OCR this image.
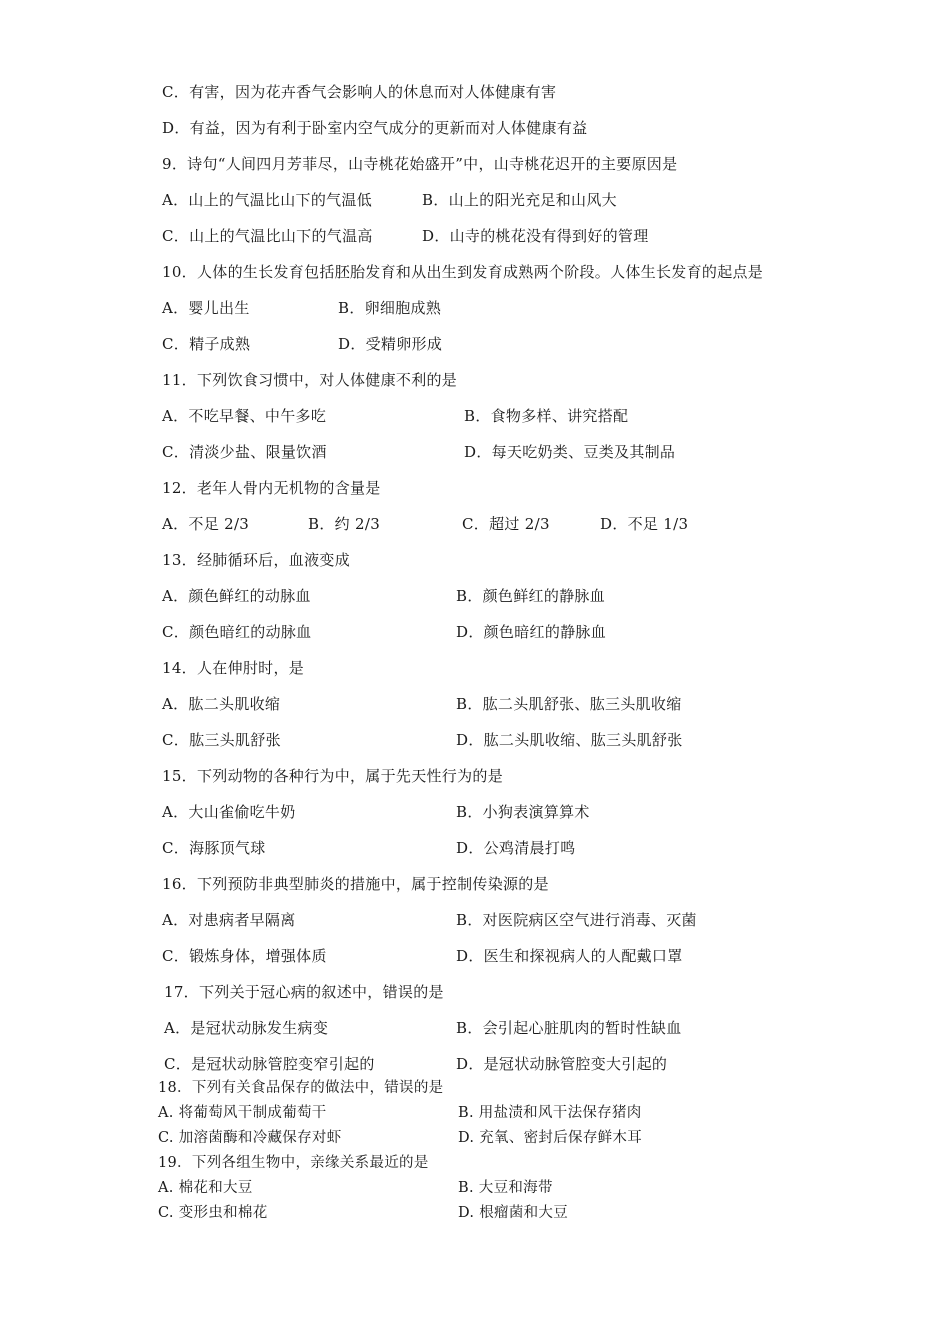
C．有害，因为花卉香气会影响人的休息而对人体健康有害
D．有益，因为有利于卧室内空气成分的更新而对人体健康有益
9．诗句“人间四月芳菲尽，山寺桃花始盛开”中，山寺桃花迟开的主要原因是
A．山上的气温比山下的气温低	B．山上的阳光充足和山风大
C．山上的气温比山下的气温高	D．山寺的桃花没有得到好的管理
10．人体的生长发育包括胚胎发育和从出生到发育成熟两个阶段。人体生长发育的起点是
A．婴儿出生	B．卵细胞成熟
C．精子成熟	D．受精卵形成
11．下列饮食习惯中，对人体健康不利的是
A．不吃早餐、中午多吃	B．食物多样、讲究搭配
C．清淡少盐、限量饮酒	D．每天吃奶类、豆类及其制品
12．老年人骨内无机物的含量是
A．不足 2/3	B．约 2/3	C．超过 2/3	D．不足 1/3
13．经肺循环后，血液变成
A．颜色鲜红的动脉血	B．颜色鲜红的静脉血
C．颜色暗红的动脉血	D．颜色暗红的静脉血
14．人在伸肘时，是
A．肱二头肌收缩	B．肱二头肌舒张、肱三头肌收缩
C．肱三头肌舒张	D．肱二头肌收缩、肱三头肌舒张
15．下列动物的各种行为中，属于先天性行为的是
A．大山雀偷吃牛奶	B．小狗表演算算术
C．海豚顶气球	D．公鸡清晨打鸣
16．下列预防非典型肺炎的措施中，属于控制传染源的是
A．对患病者早隔离	B．对医院病区空气进行消毒、灭菌
C．锻炼身体，增强体质	D．医生和探视病人的人配戴口罩
17．下列关于冠心病的叙述中，错误的是
A．是冠状动脉发生病变	B．会引起心脏肌肉的暂时性缺血
C．是冠状动脉管腔变窄引起的	D．是冠状动脉管腔变大引起的
18．下列有关食品保存的做法中，错误的是
A. 将葡萄风干制成葡萄干	B. 用盐渍和风干法保存猪肉
C. 加溶菌酶和冷藏保存对虾	D. 充氧、密封后保存鲜木耳
19．下列各组生物中，亲缘关系最近的是
A. 棉花和大豆	B. 大豆和海带
C. 变形虫和棉花	D. 根瘤菌和大豆
